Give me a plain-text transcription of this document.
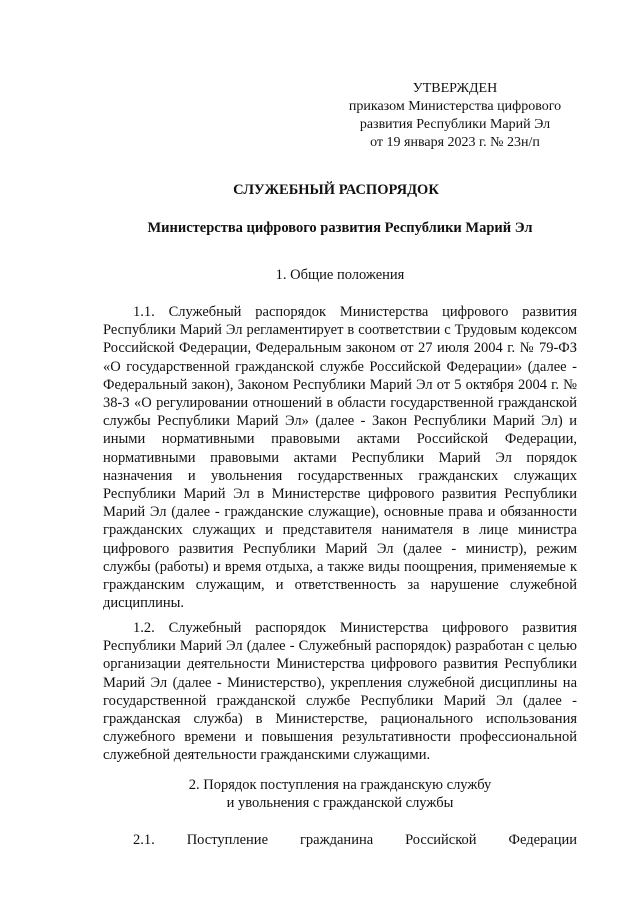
УТВЕРЖДЕН
приказом Министерства цифрового
развития Республики Марий Эл
от 19 января 2023 г. № 23н/п
СЛУЖЕБНЫЙ РАСПОРЯДОК
Министерства цифрового развития Республики Марий Эл
1. Общие положения

1.1. Служебный распорядок Министерства цифрового развития Республики Марий Эл регламентирует в соответствии с Трудовым кодексом Российской Федерации, Федеральным законом от 27 июля 2004 г. № 79-ФЗ «О государственной гражданской службе Российской Федерации» (далее - Федеральный закон), Законом Республики Марий Эл от 5 октября 2004 г. № 38-З «О регулировании отношений в области государственной гражданской службы Республики Марий Эл» (далее - Закон Республики Марий Эл) и иными нормативными правовыми актами Российской Федерации, нормативными правовыми актами Республики Марий Эл порядок назначения и увольнения государственных гражданских служащих Республики Марий Эл в Министерстве цифрового развития Республики Марий Эл (далее - гражданские служащие), основные права и обязанности гражданских служащих и представителя нанимателя в лице министра цифрового развития Республики Марий Эл (далее - министр), режим службы (работы) и время отдыха, а также виды поощрения, применяемые к гражданским служащим, и ответственность за нарушение служебной дисциплины.

1.2. Служебный распорядок Министерства цифрового развития Республики Марий Эл (далее - Служебный распорядок) разработан с целью организации деятельности Министерства цифрового развития Республики Марий Эл (далее - Министерство), укрепления служебной дисциплины на государственной гражданской службе Республики Марий Эл (далее - гражданская служба) в Министерстве, рационального использования служебного времени и повышения результативности профессиональной служебной деятельности гражданскими служащими.

2. Порядок поступления на гражданскую службу
и увольнения с гражданской службы

2.1. Поступление гражданина Российской Федерации
